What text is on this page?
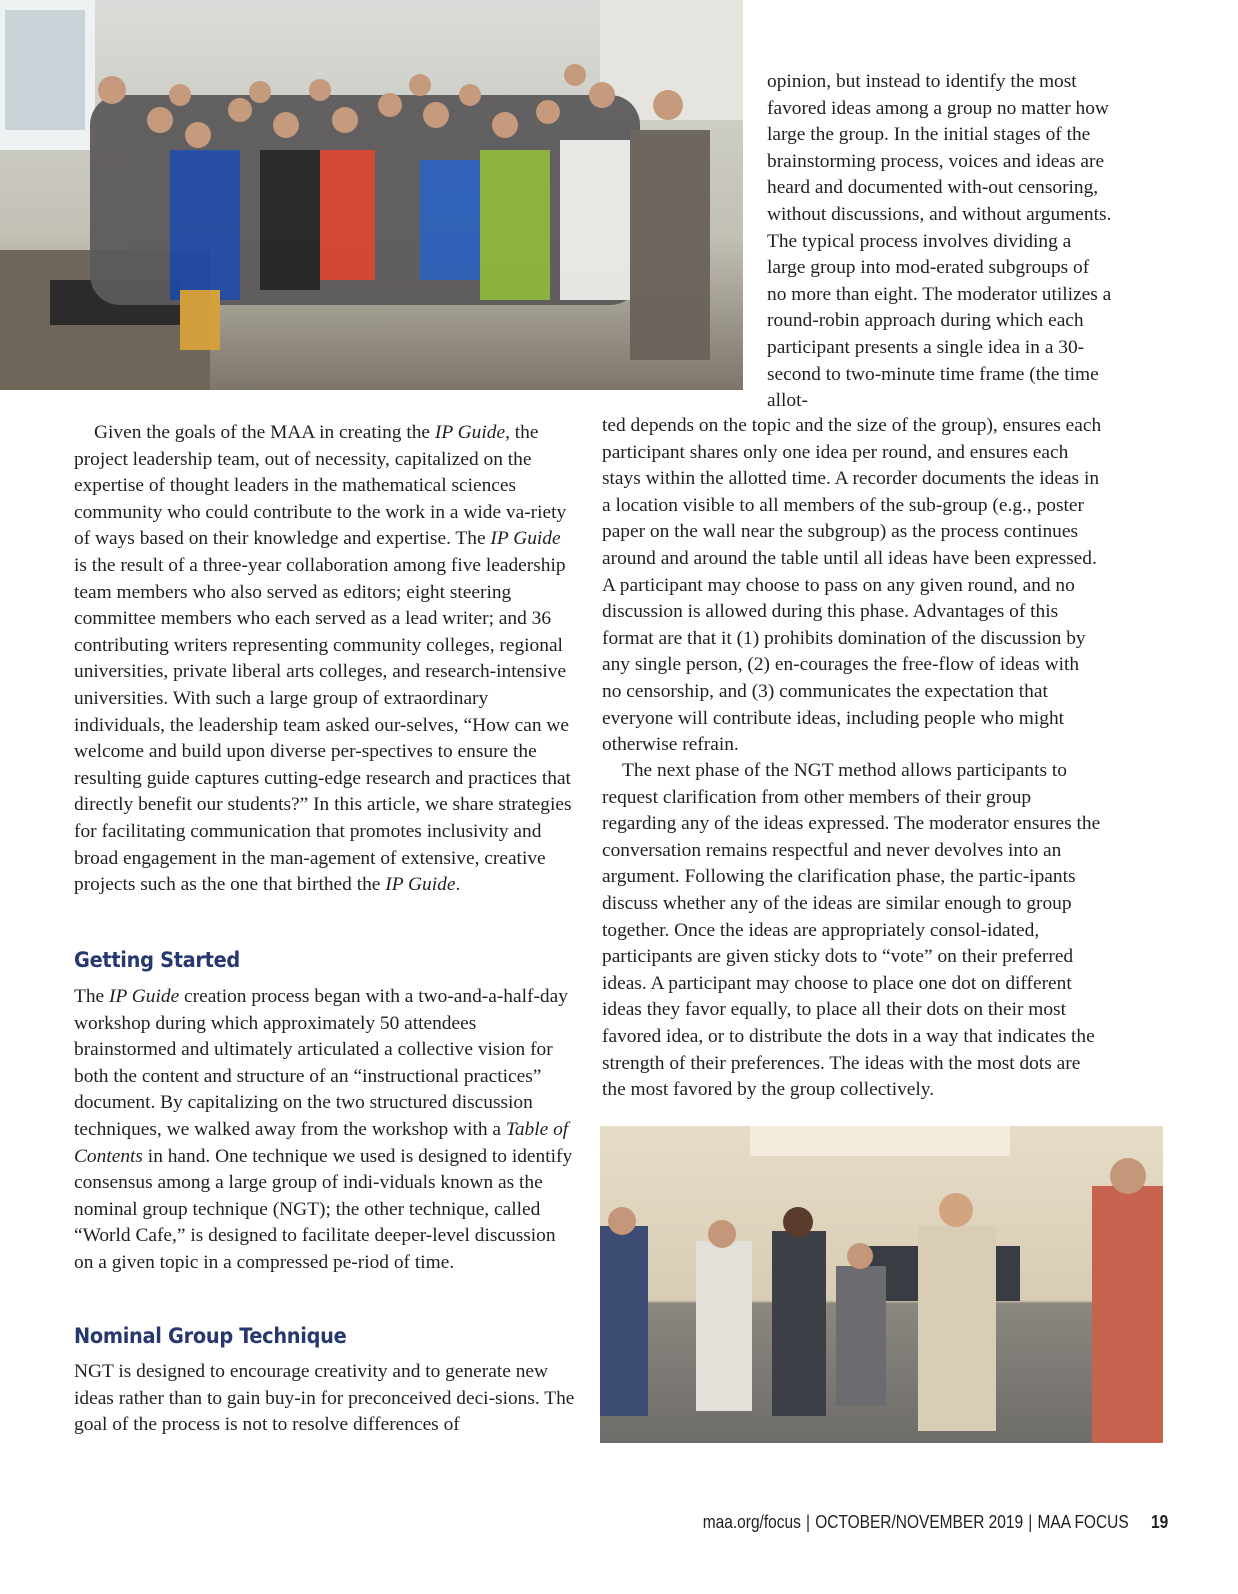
opinion, but instead to identify the most favored ideas among a group no matter how large the group. In the initial stages of the brainstorming process, voices and ideas are heard and documented with-out censoring, without discussions, and without arguments. The typical process involves dividing a large group into mod-erated subgroups of no more than eight. The moderator utilizes a round-robin approach during which each participant presents a single idea in a 30-second to two-minute time frame (the time allot-

ted depends on the topic and the size of the group), ensures each participant shares only one idea per round, and ensures each stays within the allotted time. A recorder documents the ideas in a location visible to all members of the sub-group (e.g., poster paper on the wall near the subgroup) as the process continues around and around the table until all ideas have been expressed. A participant may choose to pass on any given round, and no discussion is allowed during this phase. Advantages of this format are that it (1) prohibits domination of the discussion by any single person, (2) en-courages the free-flow of ideas with no censorship, and (3) communicates the expectation that everyone will contribute ideas, including people who might otherwise refrain.

The next phase of the NGT method allows participants to request clarification from other members of their group regarding any of the ideas expressed. The moderator ensures the conversation remains respectful and never devolves into an argument. Following the clarification phase, the partic-ipants discuss whether any of the ideas are similar enough to group together. Once the ideas are appropriately consol-idated, participants are given sticky dots to “vote” on their preferred ideas. A participant may choose to place one dot on different ideas they favor equally, to place all their dots on their most favored idea, or to distribute the dots in a way that indicates the strength of their preferences. The ideas with the most dots are the most favored by the group collectively.

Given the goals of the MAA in creating the IP Guide, the project leadership team, out of necessity, capitalized on the expertise of thought leaders in the mathematical sciences community who could contribute to the work in a wide va-riety of ways based on their knowledge and expertise. The IP Guide is the result of a three-year collaboration among five leadership team members who also served as editors; eight steering committee members who each served as a lead writer; and 36 contributing writers representing community colleges, regional universities, private liberal arts colleges, and research-intensive universities. With such a large group of extraordinary individuals, the leadership team asked our-selves, “How can we welcome and build upon diverse per-spectives to ensure the resulting guide captures cutting-edge research and practices that directly benefit our students?” In this article, we share strategies for facilitating communication that promotes inclusivity and broad engagement in the man-agement of extensive, creative projects such as the one that birthed the IP Guide.

Getting Started

The IP Guide creation process began with a two-and-a-half-day workshop during which approximately 50 attendees brainstormed and ultimately articulated a collective vision for both the content and structure of an “instructional practices” document. By capitalizing on the two structured discussion techniques, we walked away from the workshop with a Table of Contents in hand. One technique we used is designed to identify consensus among a large group of indi-viduals known as the nominal group technique (NGT); the other technique, called “World Cafe,” is designed to facilitate deeper-level discussion on a given topic in a compressed pe-riod of time.

Nominal Group Technique

NGT is designed to encourage creativity and to generate new ideas rather than to gain buy-in for preconceived deci-sions. The goal of the process is not to resolve differences of

maa.org/focus | OCTOBER/NOVEMBER 2019 | MAA FOCUS 19
